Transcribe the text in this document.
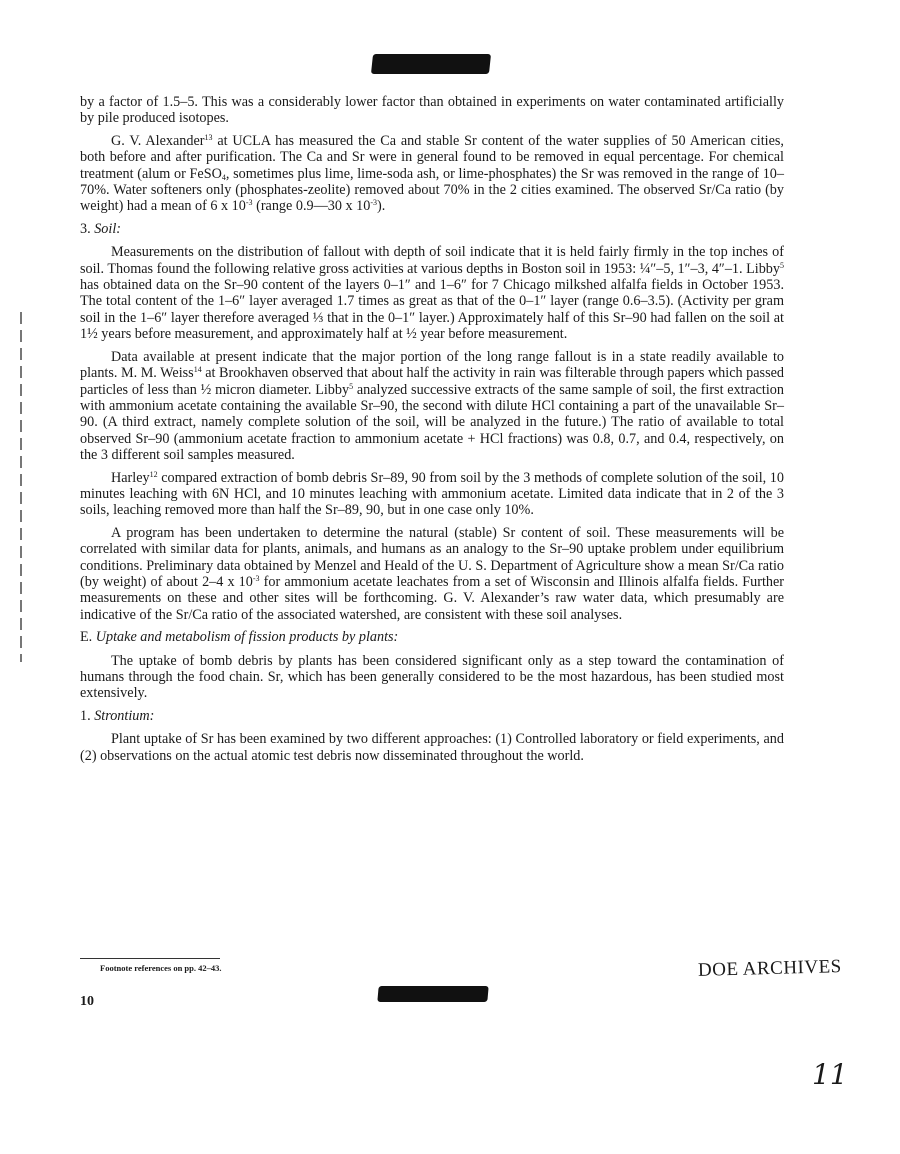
by a factor of 1.5–5. This was a considerably lower factor than obtained in experiments on water contaminated artificially by pile produced isotopes.

G. V. Alexander$^{13}$ at UCLA has measured the Ca and stable Sr content of the water supplies of 50 American cities, both before and after purification. The Ca and Sr were in general found to be removed in equal percentage. For chemical treatment (alum or FeSO$_4$, sometimes plus lime, lime-soda ash, or lime-phosphates) the Sr was removed in the range of 10–70%. Water softeners only (phosphates-zeolite) removed about 70% in the 2 cities examined. The observed Sr/Ca ratio (by weight) had a mean of 6 x $10^{-3}$ (range 0.9—30 x $10^{-3}$).

3. Soil:

Measurements on the distribution of fallout with depth of soil indicate that it is held fairly firmly in the top inches of soil. Thomas found the following relative gross activities at various depths in Boston soil in 1953: ¼″–5, 1″–3, 4″–1. Libby$^5$ has obtained data on the Sr–90 content of the layers 0–1″ and 1–6″ for 7 Chicago milkshed alfalfa fields in October 1953. The total content of the 1–6″ layer averaged 1.7 times as great as that of the 0–1″ layer (range 0.6–3.5). (Activity per gram soil in the 1–6″ layer therefore averaged ⅓ that in the 0–1″ layer.) Approximately half of this Sr–90 had fallen on the soil at 1½ years before measurement, and approximately half at ½ year before measurement.

Data available at present indicate that the major portion of the long range fallout is in a state readily available to plants. M. M. Weiss$^{14}$ at Brookhaven observed that about half the activity in rain was filterable through papers which passed particles of less than ½ micron diameter. Libby$^5$ analyzed successive extracts of the same sample of soil, the first extraction with ammonium acetate containing the available Sr–90, the second with dilute HCl containing a part of the unavailable Sr–90. (A third extract, namely complete solution of the soil, will be analyzed in the future.) The ratio of available to total observed Sr–90 (ammonium acetate fraction to ammonium acetate + HCl fractions) was 0.8, 0.7, and 0.4, respectively, on the 3 different soil samples measured.

Harley$^{12}$ compared extraction of bomb debris Sr–89, 90 from soil by the 3 methods of complete solution of the soil, 10 minutes leaching with 6N HCl, and 10 minutes leaching with ammonium acetate. Limited data indicate that in 2 of the 3 soils, leaching removed more than half the Sr–89, 90, but in one case only 10%.

A program has been undertaken to determine the natural (stable) Sr content of soil. These measurements will be correlated with similar data for plants, animals, and humans as an analogy to the Sr–90 uptake problem under equilibrium conditions. Preliminary data obtained by Menzel and Heald of the U. S. Department of Agriculture show a mean Sr/Ca ratio (by weight) of about 2–4 x $10^{-3}$ for ammonium acetate leachates from a set of Wisconsin and Illinois alfalfa fields. Further measurements on these and other sites will be forthcoming. G. V. Alexander’s raw water data, which presumably are indicative of the Sr/Ca ratio of the associated watershed, are consistent with these soil analyses.

E. Uptake and metabolism of fission products by plants:

The uptake of bomb debris by plants has been considered significant only as a step toward the contamination of humans through the food chain. Sr, which has been generally considered to be the most hazardous, has been studied most extensively.

1. Strontium:

Plant uptake of Sr has been examined by two different approaches: (1) Controlled laboratory or field experiments, and (2) observations on the actual atomic test debris now disseminated throughout the world.

Footnote references on pp. 42–43.
10
DOE ARCHIVES
11
